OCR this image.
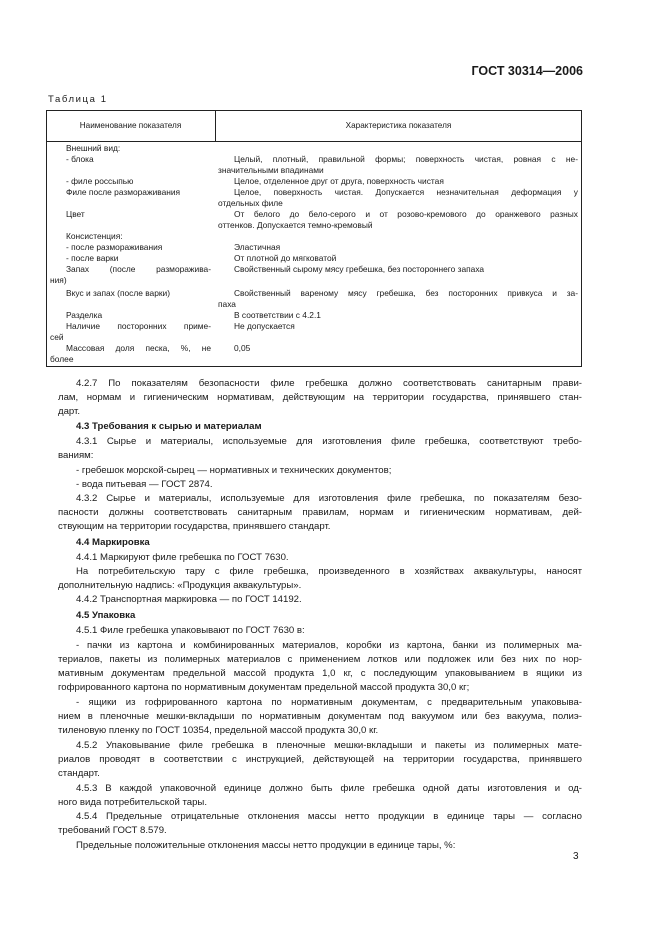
ГОСТ 30314—2006
Таблица 1
Наименование показателя	Характеристика показателя
Внешний вид:
- блока
- филе россыпью
Филе после размораживания
Цвет
Консистенция:
- после размораживания
- после варки
Запах (после разморажива-
ния)
Вкус и запах (после варки)
Разделка
Наличие посторонних приме-
сей
Массовая доля песка, %, не
более
Целый, плотный, правильной формы; поверхность чистая, ровная с не-
значительными впадинами
Целое, отделенное друг от друга, поверхность чистая
Целое, поверхность чистая. Допускается незначительная деформация у
отдельных филе
От белого до бело-серого и от розово-кремового до оранжевого разных
оттенков. Допускается темно-кремовый
Эластичная
От плотной до мягковатой
Свойственный сырому мясу гребешка, без постороннего запаха
Свойственный вареному мясу гребешка, без посторонних привкуса и за-
паха
В соответствии с 4.2.1
Не допускается
0,05
4.2.7 По показателям безопасности филе гребешка должно соответствовать санитарным прави-
лам, нормам и гигиеническим нормативам, действующим на территории государства, принявшего стан-
дарт.
4.3 Требования к сырью и материалам
4.3.1 Сырье и материалы, используемые для изготовления филе гребешка, соответствуют требо-
ваниям:
- гребешок морской-сырец — нормативных и технических документов;
- вода питьевая — ГОСТ 2874.
4.3.2 Сырье и материалы, используемые для изготовления филе гребешка, по показателям безо-
пасности должны соответствовать санитарным правилам, нормам и гигиеническим нормативам, дей-
ствующим на территории государства, принявшего стандарт.
4.4 Маркировка
4.4.1 Маркируют филе гребешка по ГОСТ 7630.
На потребительскую тару с филе гребешка, произведенного в хозяйствах аквакультуры, наносят
дополнительную надпись: «Продукция аквакультуры».
4.4.2 Транспортная маркировка — по ГОСТ 14192.
4.5 Упаковка
4.5.1 Филе гребешка упаковывают по ГОСТ 7630 в:
- пачки из картона и комбинированных материалов, коробки из картона, банки из полимерных ма-
териалов, пакеты из полимерных материалов с применением лотков или подложек или без них по нор-
мативным документам предельной массой продукта 1,0 кг, с последующим упаковыванием в ящики из
гофрированного картона по нормативным документам предельной массой продукта 30,0 кг;
- ящики из гофрированного картона по нормативным документам, с предварительным упаковыва-
нием в пленочные мешки-вкладыши по нормативным документам под вакуумом или без вакуума, полиэ-
тиленовую пленку по ГОСТ 10354, предельной массой продукта 30,0 кг.
4.5.2 Упаковывание филе гребешка в пленочные мешки-вкладыши и пакеты из полимерных мате-
риалов проводят в соответствии с инструкцией, действующей на территории государства, принявшего
стандарт.
4.5.3 В каждой упаковочной единице должно быть филе гребешка одной даты изготовления и од-
ного вида потребительской тары.
4.5.4 Предельные отрицательные отклонения массы нетто продукции в единице тары — согласно
требований ГОСТ 8.579.
Предельные положительные отклонения массы нетто продукции в единице тары, %:
3
